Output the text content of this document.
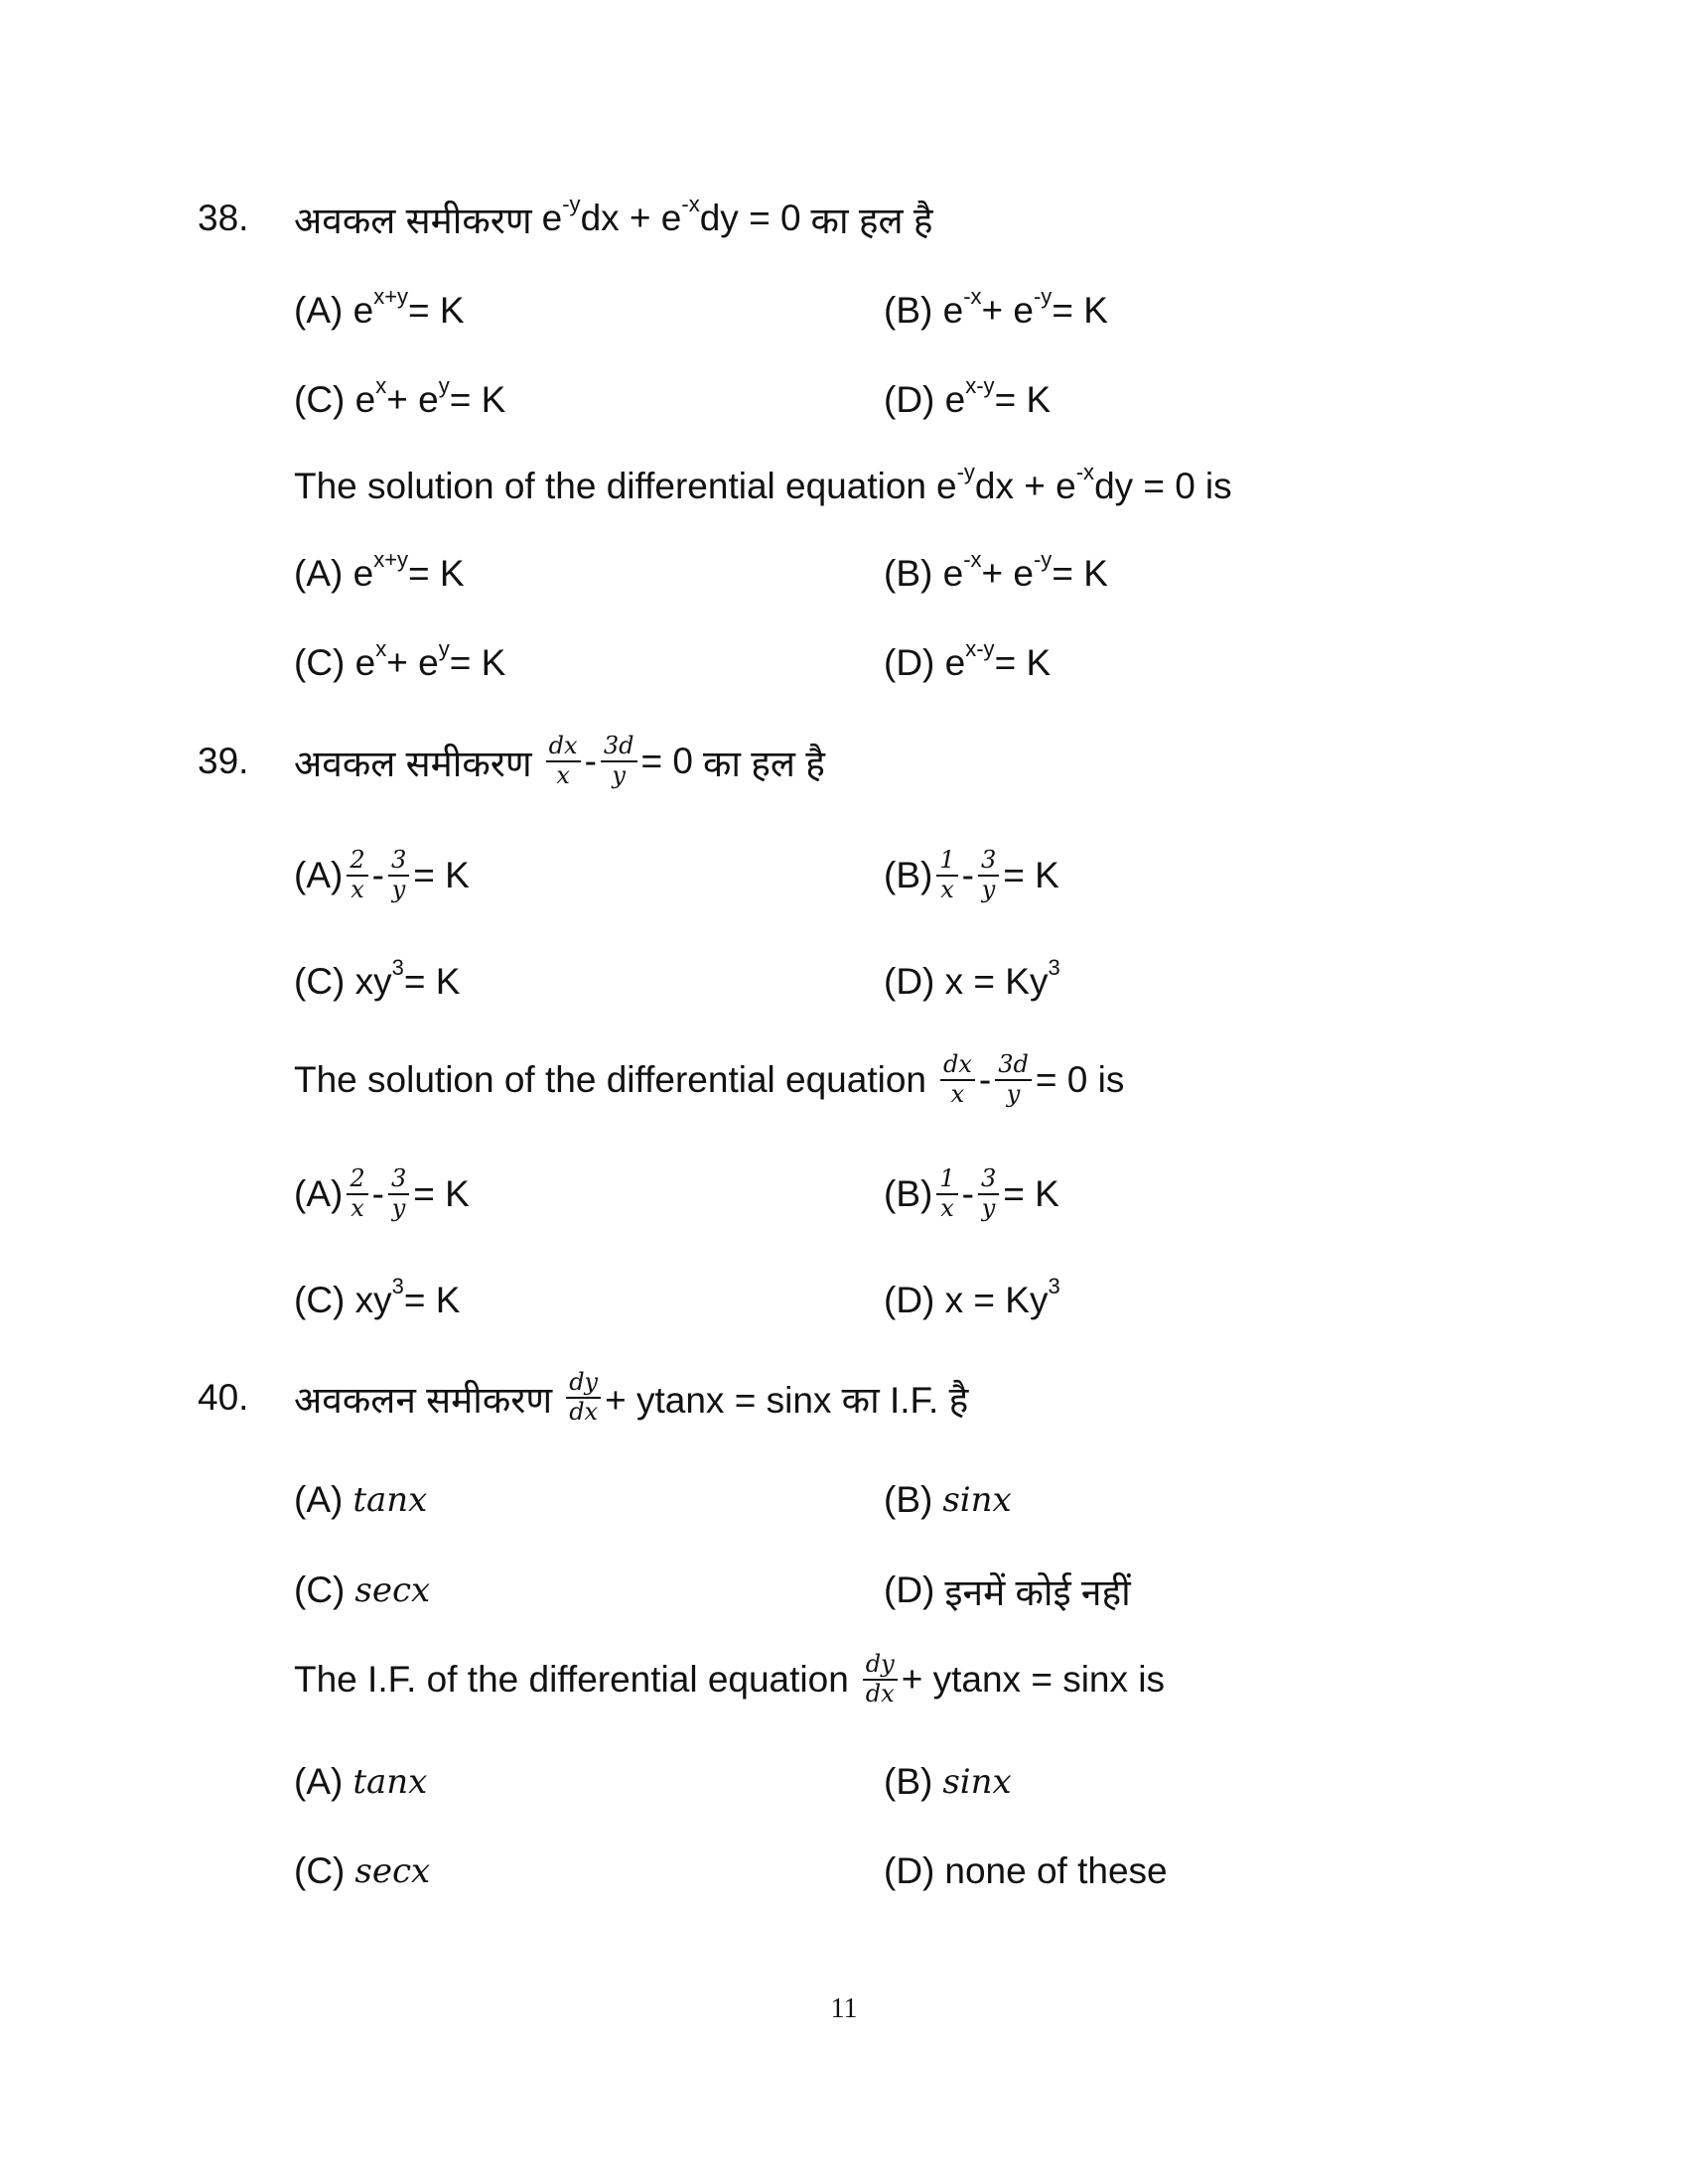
38. अवकल समीकरण $e^{-y}$ dx + $e^{-x}$ dy = 0 का हल है
(A) $e^{x+y} = K$	(B) $e^{-x} + e^{-y} = K$
(C) $e^x + e^y = K$	(D) $e^{x-y} = K$
The solution of the differential equation $e^{-y}$ dx + $e^{-x}$ dy = 0 is
(A) $e^{x+y} = K$	(B) $e^{-x} + e^{-y} = K$
(C) $e^x + e^y = K$	(D) $e^{x-y} = K$
39. अवकल समीकरण $\frac{dx}{x} - \frac{3d}{y} = 0$ का हल है
$(A) \frac{2}{x} - \frac{3}{y} = K$	$(B) \frac{1}{x} - \frac{3}{y} = K$
(C) $xy^3 = K$	(D) $x = Ky^3$
The solution of the differential equation $\frac{dx}{x} - \frac{3d}{y} = 0$ is
$(A) \frac{2}{x} - \frac{3}{y} = K$	$(B) \frac{1}{x} - \frac{3}{y} = K$
(C) $xy^3 = K$	(D) $x = Ky^3$
40. अवकलन समीकरण $\frac{dy}{dx} + ytanx = \sin x$ का I.F. है
(A) tanx	(B) sinx
(C) secx	(D) इनमें कोई नहीं
The I.F. of the differential equation $\frac{dy}{dx} + ytanx = \sin x$ is
(A) tanx	(B) sinx
(C) secx	(D) none of these
11
